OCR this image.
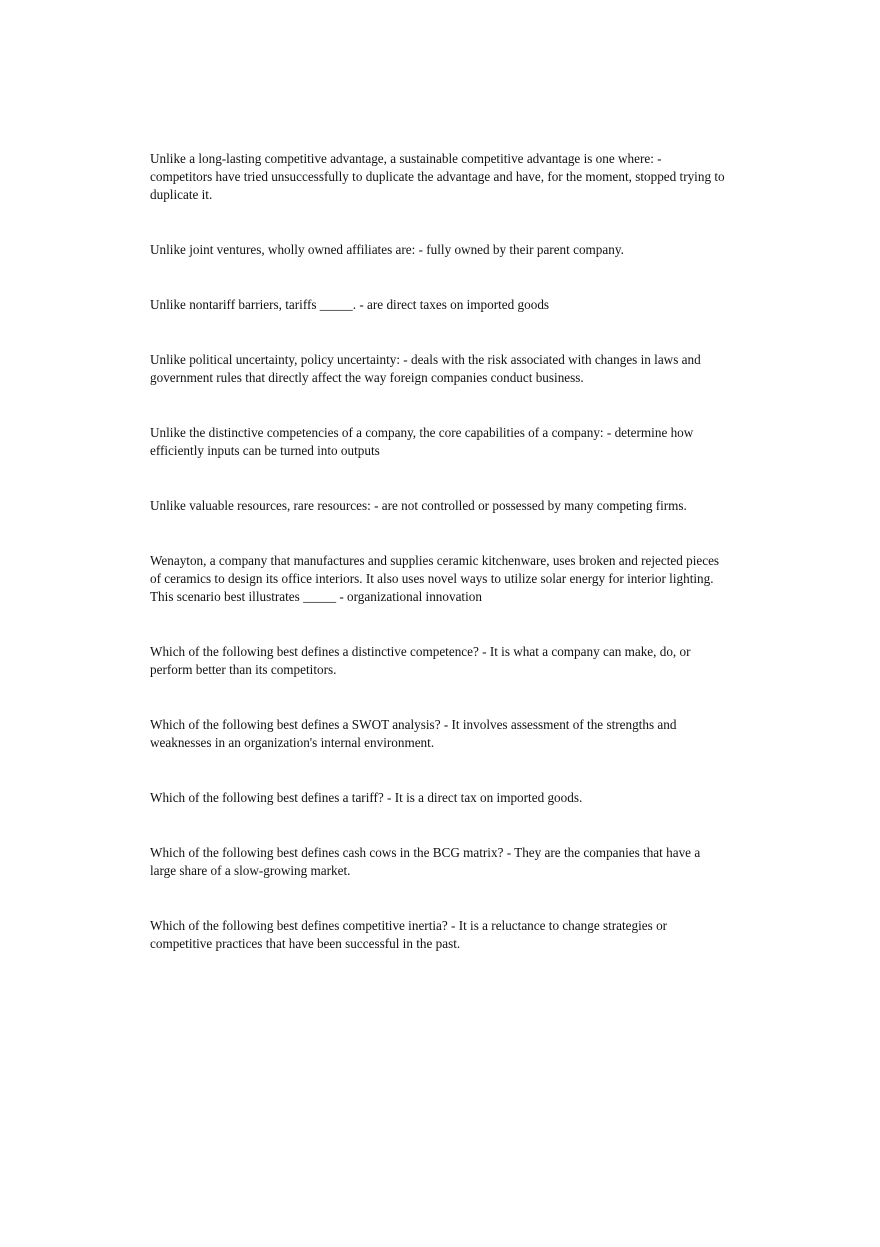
Unlike a long-lasting competitive advantage, a sustainable competitive advantage is one where: - competitors have tried unsuccessfully to duplicate the advantage and have, for the moment, stopped trying to duplicate it.

Unlike joint ventures, wholly owned affiliates are: - fully owned by their parent company.

Unlike nontariff barriers, tariffs _____. - are direct taxes on imported goods

Unlike political uncertainty, policy uncertainty: - deals with the risk associated with changes in laws and government rules that directly affect the way foreign companies conduct business.

Unlike the distinctive competencies of a company, the core capabilities of a company: - determine how efficiently inputs can be turned into outputs

Unlike valuable resources, rare resources: - are not controlled or possessed by many competing firms.

Wenayton, a company that manufactures and supplies ceramic kitchenware, uses broken and rejected pieces of ceramics to design its office interiors. It also uses novel ways to utilize solar energy for interior lighting. This scenario best illustrates _____ - organizational innovation

Which of the following best defines a distinctive competence? - It is what a company can make, do, or perform better than its competitors.

Which of the following best defines a SWOT analysis? - It involves assessment of the strengths and weaknesses in an organization's internal environment.

Which of the following best defines a tariff? - It is a direct tax on imported goods.

Which of the following best defines cash cows in the BCG matrix? - They are the companies that have a large share of a slow-growing market.

Which of the following best defines competitive inertia? - It is a reluctance to change strategies or competitive practices that have been successful in the past.
